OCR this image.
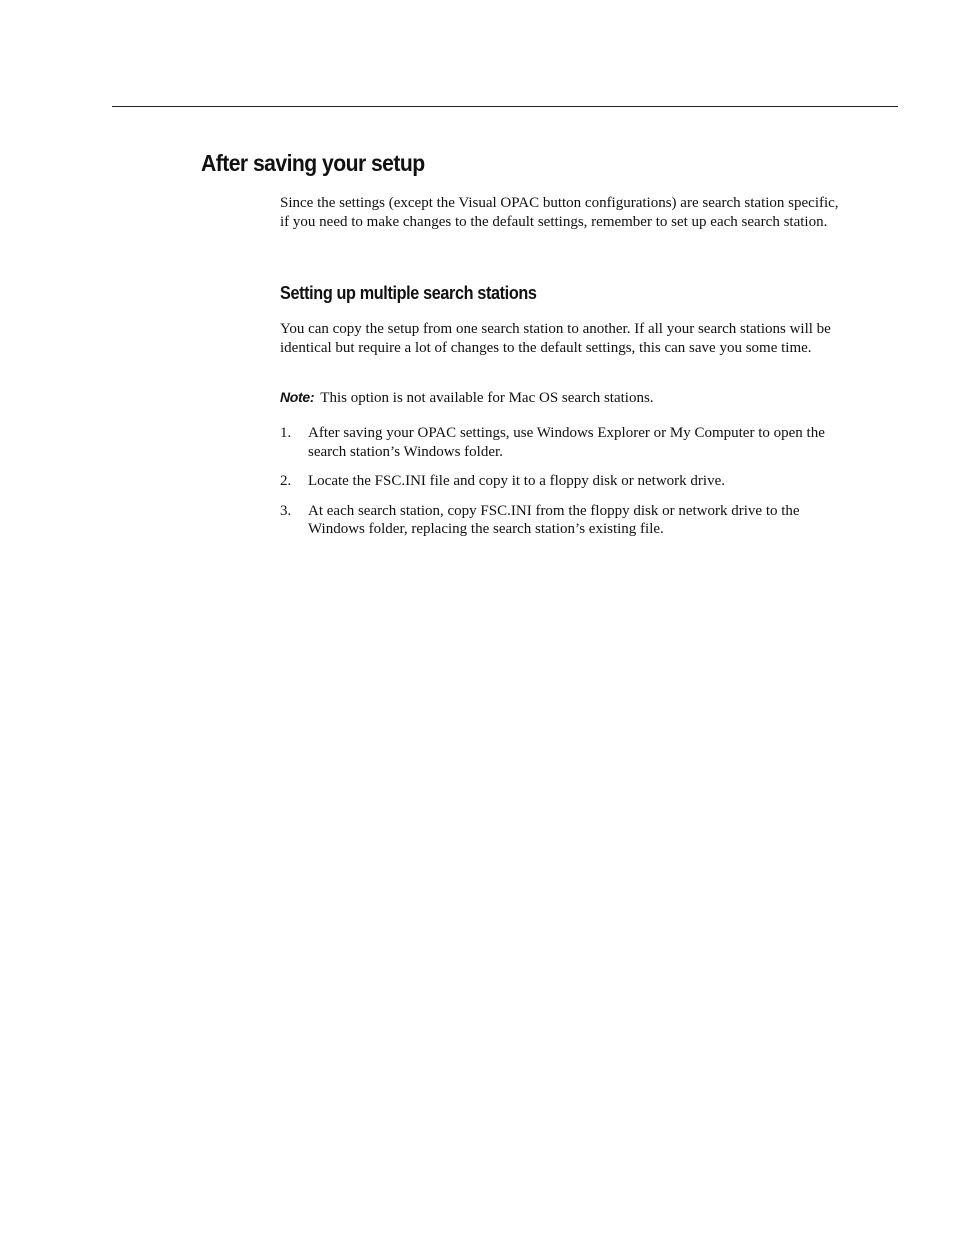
After saving your setup

Since the settings (except the Visual OPAC button configurations) are search station specific, if you need to make changes to the default settings, remember to set up each search station.

Setting up multiple search stations

You can copy the setup from one search station to another. If all your search stations will be identical but require a lot of changes to the default settings, this can save you some time.

Note: This option is not available for Mac OS search stations.

1. After saving your OPAC settings, use Windows Explorer or My Computer to open the search station’s Windows folder.
2. Locate the FSC.INI file and copy it to a floppy disk or network drive.
3. At each search station, copy FSC.INI from the floppy disk or network drive to the Windows folder, replacing the search station’s existing file.
